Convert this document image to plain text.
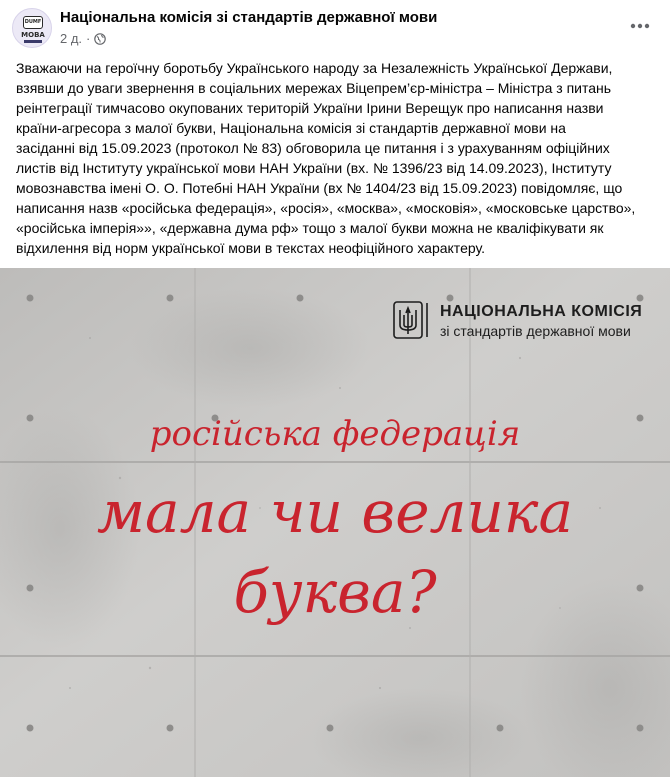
DUMF
МОВА
Національна комісія зі стандартів державної мови
2 д. ·
Зважаючи на героїчну боротьбу Українського народу за Незалежність Української Держави,
взявши до уваги звернення в соціальних мережах Віцепрем’єр-міністра – Міністра з питань
реінтеграції тимчасово окупованих територій України Ірини Верещук про написання назви
країни-агресора з малої букви, Національна комісія зі стандартів державної мови на
засіданні від 15.09.2023 (протокол № 83) обговорила це питання і з урахуванням офіційних
листів від Інституту української мови НАН України (вх. № 1396/23 від 14.09.2023), Інституту
мовознавства імені О. О. Потебні НАН України (вх № 1404/23 від 15.09.2023) повідомляє, що
написання назв «російська федерація», «росія», «москва», «московія», «московське царство»,
«російська імперія»», «державна дума рф» тощо з малої букви можна не кваліфікувати як
відхилення від норм української мови в текстах неофіційного характеру.
НАЦІОНАЛЬНА КОМІСІЯ
зі стандартів державної мови
російська федерація
мала чи велика
буква?
